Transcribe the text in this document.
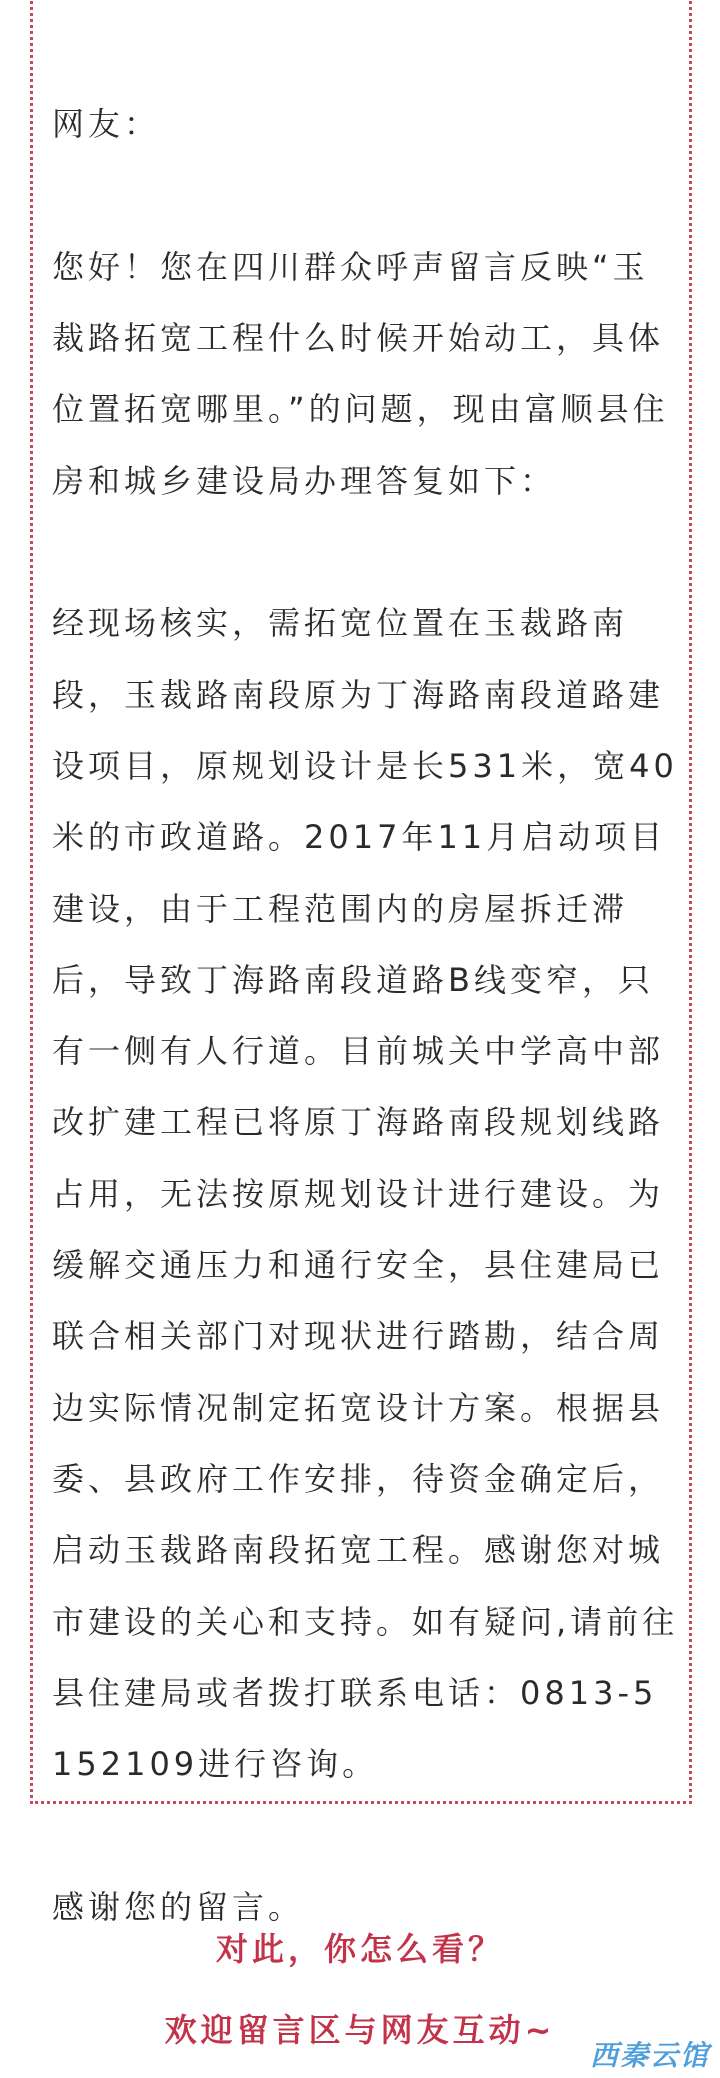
网友：

您好！您在四川群众呼声留言反映“玉裁路拓宽工程什么时候开始动工，具体位置拓宽哪里。”的问题，现由富顺县住房和城乡建设局办理答复如下：

经现场核实，需拓宽位置在玉裁路南段，玉裁路南段原为丁海路南段道路建设项目，原规划设计是长531米，宽40米的市政道路。2017年11月启动项目建设，由于工程范围内的房屋拆迁滞后，导致丁海路南段道路B线变窄，只有一侧有人行道。目前城关中学高中部改扩建工程已将原丁海路南段规划线路占用，无法按原规划设计进行建设。为缓解交通压力和通行安全，县住建局已联合相关部门对现状进行踏勘，结合周边实际情况制定拓宽设计方案。根据县委、县政府工作安排，待资金确定后，启动玉裁路南段拓宽工程。感谢您对城市建设的关心和支持。如有疑问,请前往县住建局或者拨打联系电话：0813-5152109进行咨询。

感谢您的留言。

对此，你怎么看？

欢迎留言区与网友互动~

西秦云馆
